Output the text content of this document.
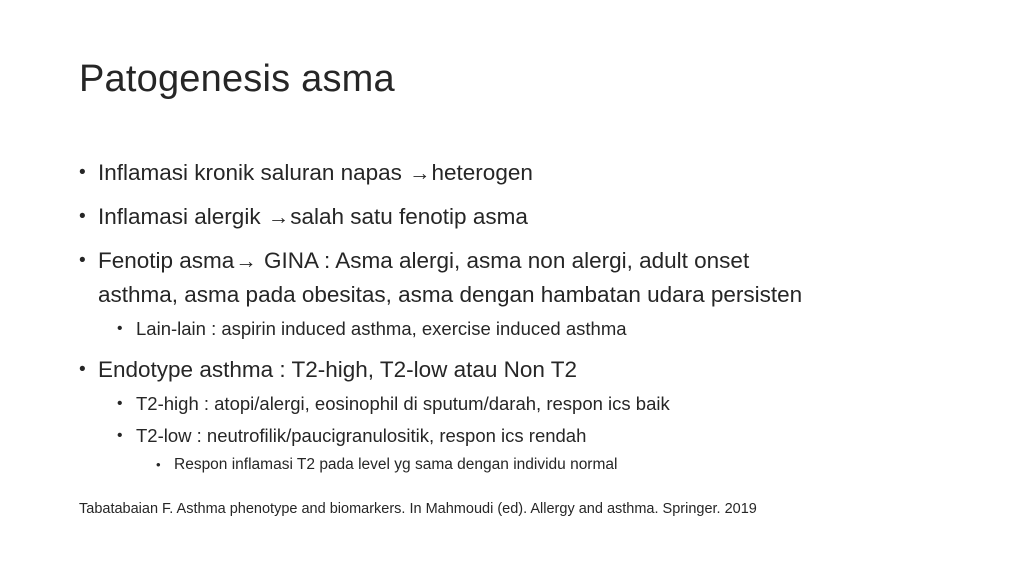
Patogenesis asma
• Inflamasi kronik saluran napas →heterogen
• Inflamasi alergik →salah satu fenotip asma
• Fenotip asma→ GINA : Asma alergi, asma non alergi, adult onset
asthma, asma pada obesitas, asma dengan hambatan udara persisten
• Lain-lain : aspirin induced asthma, exercise induced asthma
• Endotype asthma : T2-high, T2-low atau Non T2
• T2-high : atopi/alergi, eosinophil di sputum/darah, respon ics baik
• T2-low : neutrofilik/paucigranulositik, respon ics rendah
• Respon inflamasi T2 pada level yg sama dengan individu normal
Tabatabaian F. Asthma phenotype and biomarkers. In Mahmoudi (ed). Allergy and asthma. Springer. 2019
